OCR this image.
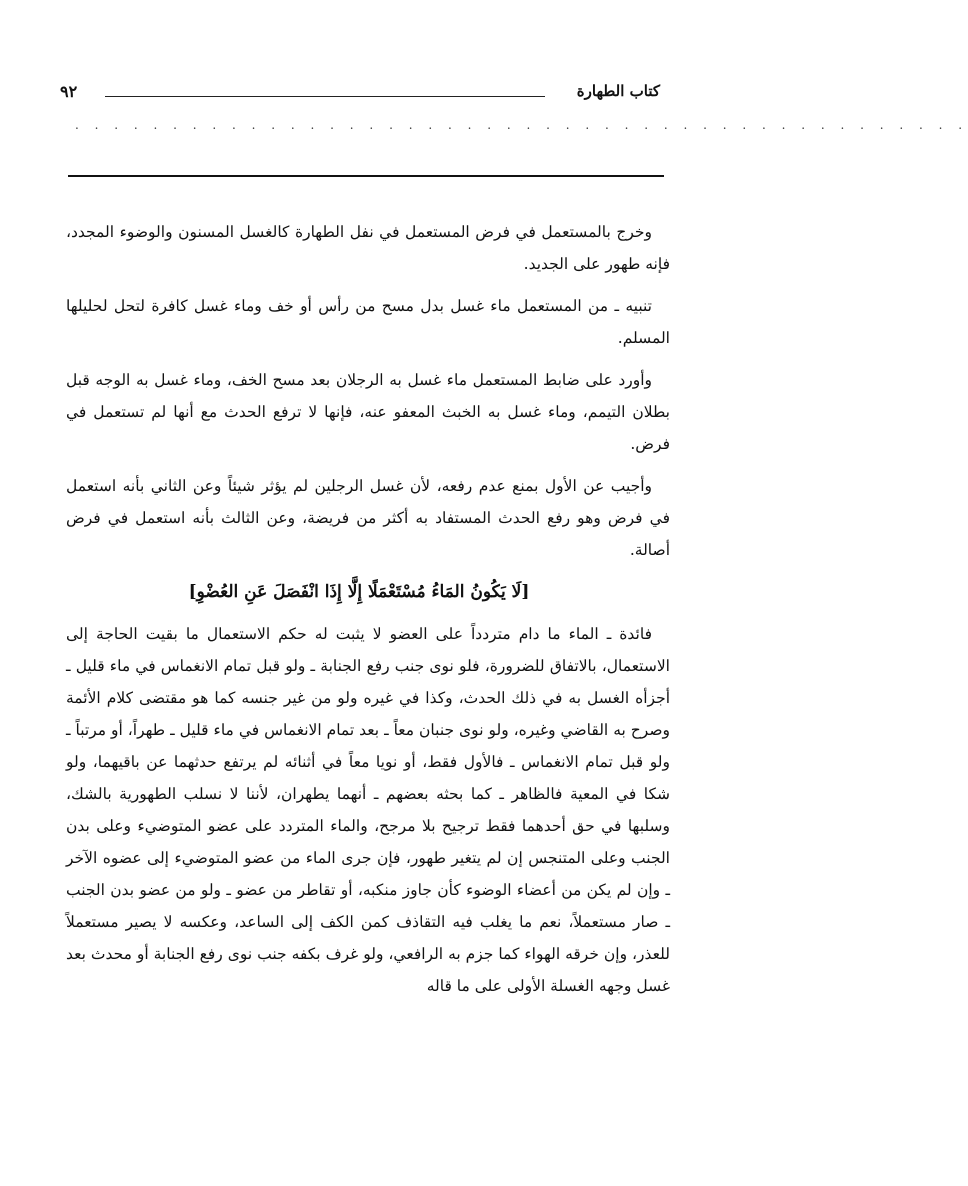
كتاب الطهارة
٩٢
. . . . . . . . . . . . . . . . . . . . . . . . . . . . . . . . . . . . . . . . . . . . . .

وخرج بالمستعمل في فرض المستعمل في نفل الطهارة كالغسل المسنون والوضوء المجدد، فإنه طهور على الجديد.

تنبيه ـ من المستعمل ماء غسل بدل مسح من رأس أو خف وماء غسل كافرة لتحل لحليلها المسلم.

وأورد على ضابط المستعمل ماء غسل به الرجلان بعد مسح الخف، وماء غسل به الوجه قبل بطلان التيمم، وماء غسل به الخبث المعفو عنه، فإنها لا ترفع الحدث مع أنها لم تستعمل في فرض.

وأجيب عن الأول بمنع عدم رفعه، لأن غسل الرجلين لم يؤثر شيئاً وعن الثاني بأنه استعمل في فرض وهو رفع الحدث المستفاد به أكثر من فريضة، وعن الثالث بأنه استعمل في فرض أصالة.

[لَا يَكُونُ المَاءُ مُسْتَعْمَلًا إِلَّا إِذَا انْفَصَلَ عَنِ العُضْوِ]

فائدة ـ الماء ما دام متردداً على العضو لا يثبت له حكم الاستعمال ما بقيت الحاجة إلى الاستعمال، بالاتفاق للضرورة، فلو نوى جنب رفع الجنابة ـ ولو قبل تمام الانغماس في ماء قليل ـ أجزأه الغسل به في ذلك الحدث، وكذا في غيره ولو من غير جنسه كما هو مقتضى كلام الأئمة وصرح به القاضي وغيره، ولو نوى جنبان معاً ـ بعد تمام الانغماس في ماء قليل ـ طهراً، أو مرتباً ـ ولو قبل تمام الانغماس ـ فالأول فقط، أو نويا معاً في أثنائه لم يرتفع حدثهما عن باقيهما، ولو شكا في المعية فالظاهر ـ كما بحثه بعضهم ـ أنهما يطهران، لأننا لا نسلب الطهورية بالشك، وسلبها في حق أحدهما فقط ترجيح بلا مرجح، والماء المتردد على عضو المتوضيء وعلى بدن الجنب وعلى المتنجس إن لم يتغير طهور، فإن جرى الماء من عضو المتوضيء إلى عضوه الآخر ـ وإن لم يكن من أعضاء الوضوء كأن جاوز منكبه، أو تقاطر من عضو ـ ولو من عضو بدن الجنب ـ صار مستعملاً، نعم ما يغلب فيه التقاذف كمن الكف إلى الساعد، وعكسه لا يصير مستعملاً للعذر، وإن خرقه الهواء كما جزم به الرافعي، ولو غرف بكفه جنب نوى رفع الجنابة أو محدث بعد غسل وجهه الغسلة الأولى على ما قاله
